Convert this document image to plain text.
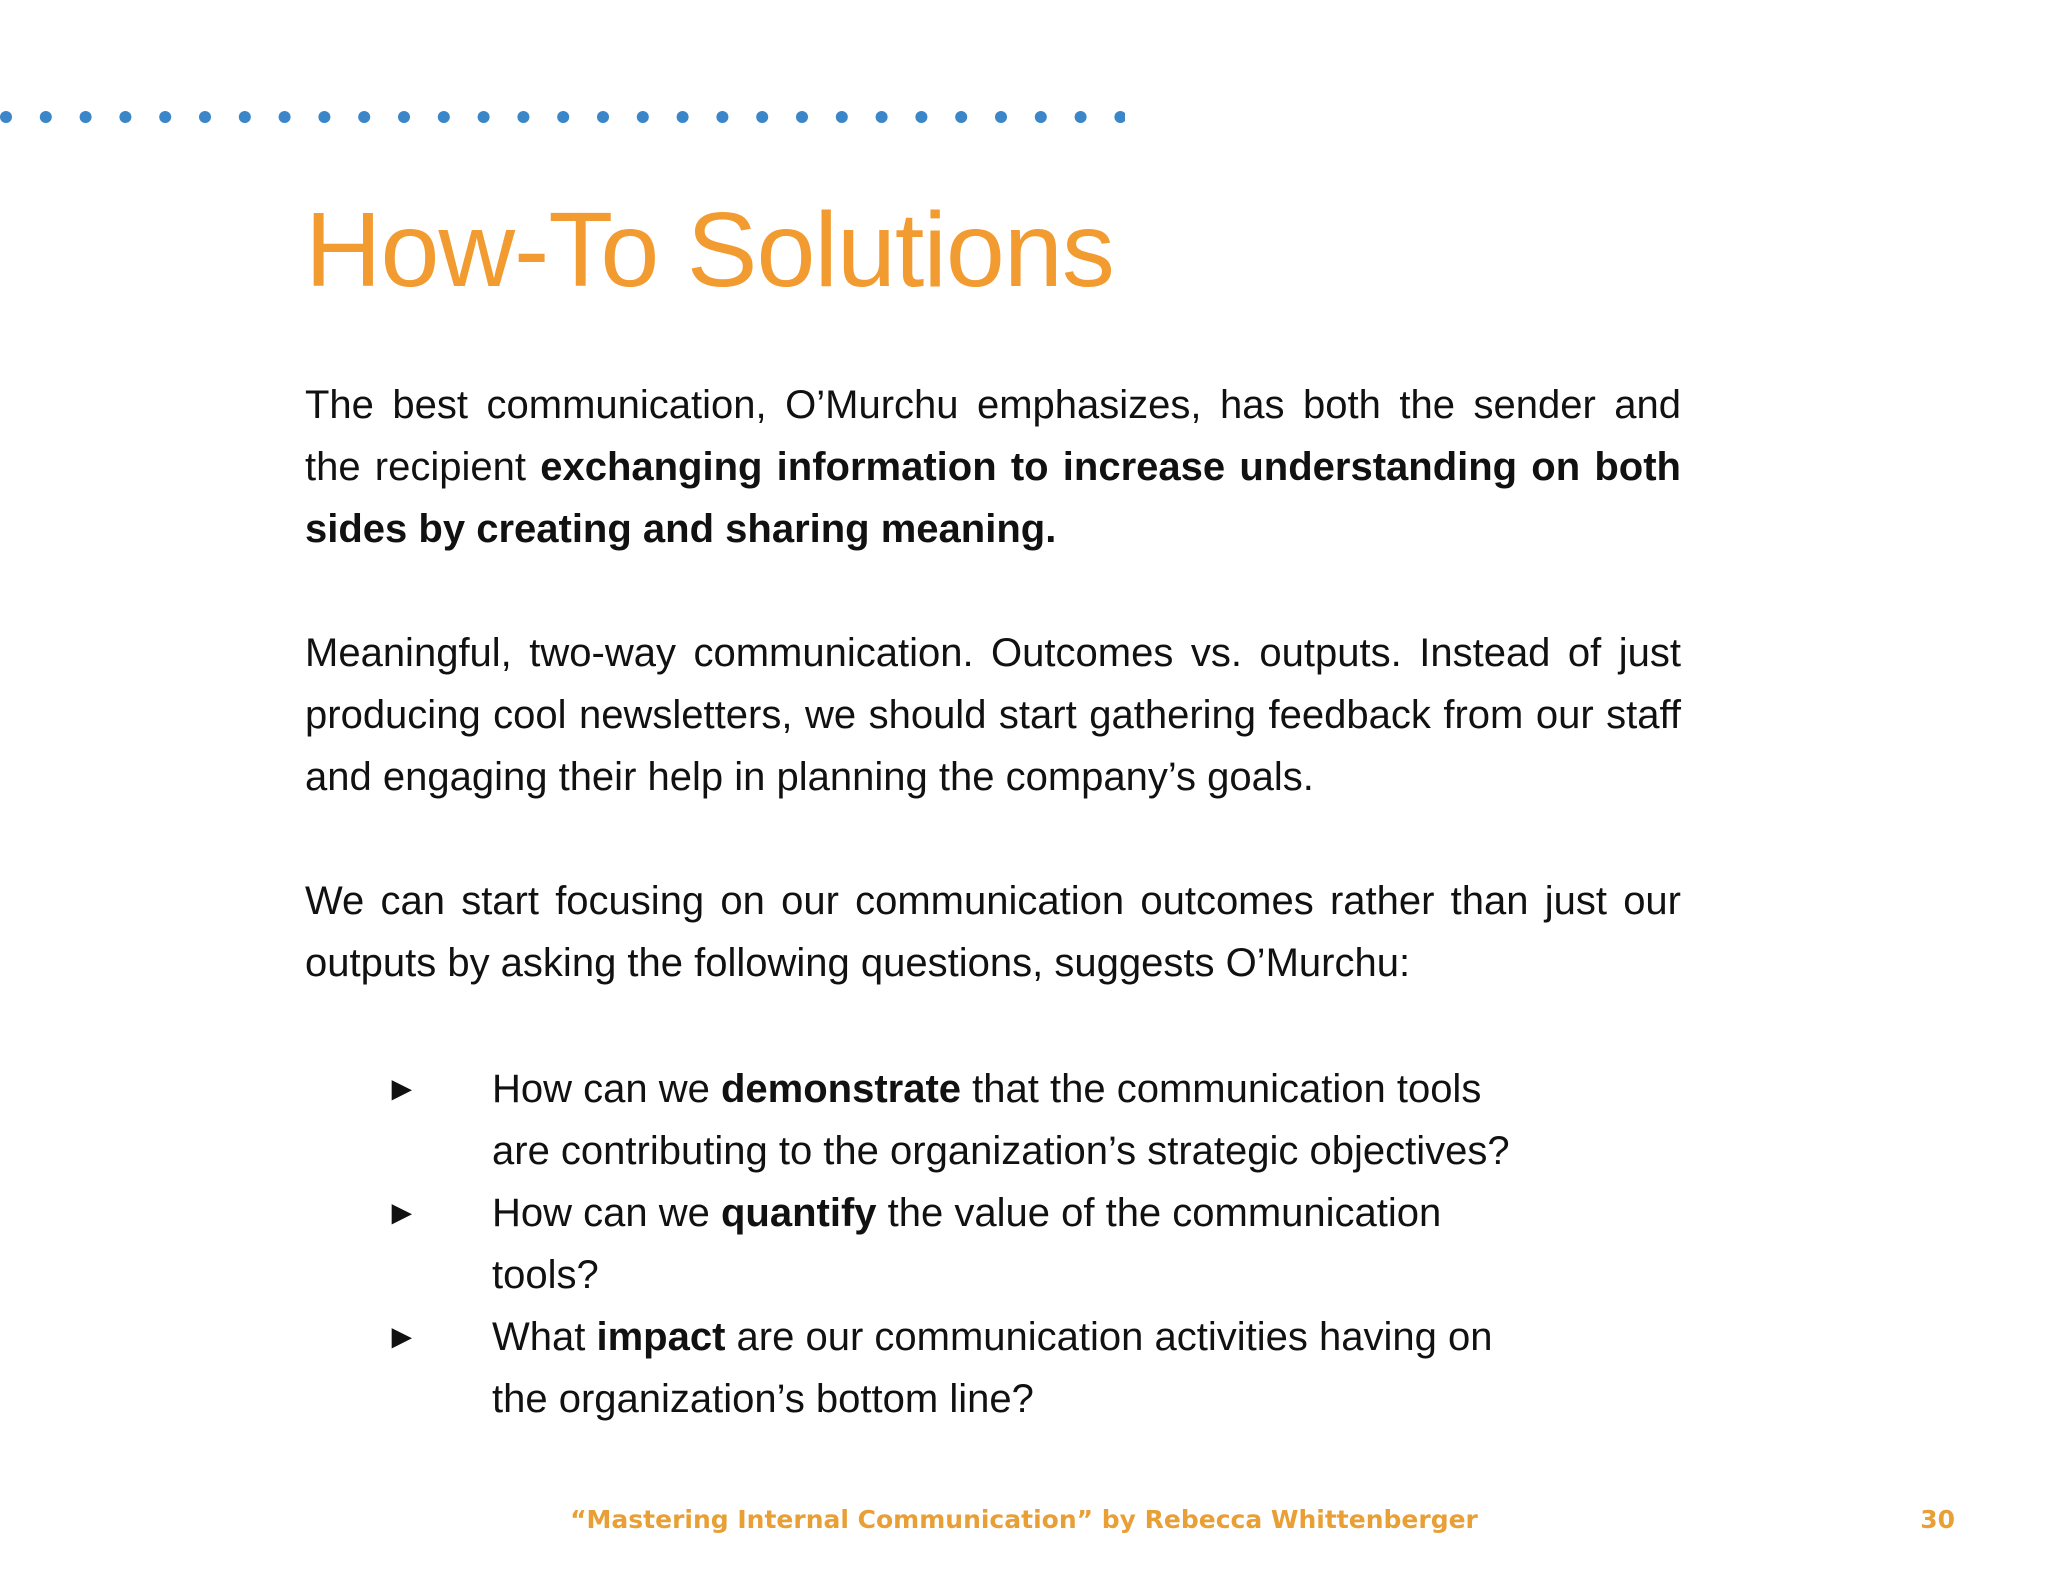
How-To Solutions

The best communication, O’Murchu emphasizes, has both the sender and the recipient exchanging information to increase understanding on both sides by creating and sharing meaning.

Meaningful, two-way communication. Outcomes vs. outputs. Instead of just producing cool newsletters, we should start gathering feedback from our staff and engaging their help in planning the company’s goals.

We can start focusing on our communication outcomes rather than just our outputs by asking the following questions, suggests O’Murchu:

► How can we demonstrate that the communication tools are contributing to the organization’s strategic objectives?
► How can we quantify the value of the communication tools?
► What impact are our communication activities having on the organization’s bottom line?
“Mastering Internal Communication” by Rebecca Whittenberger	30
